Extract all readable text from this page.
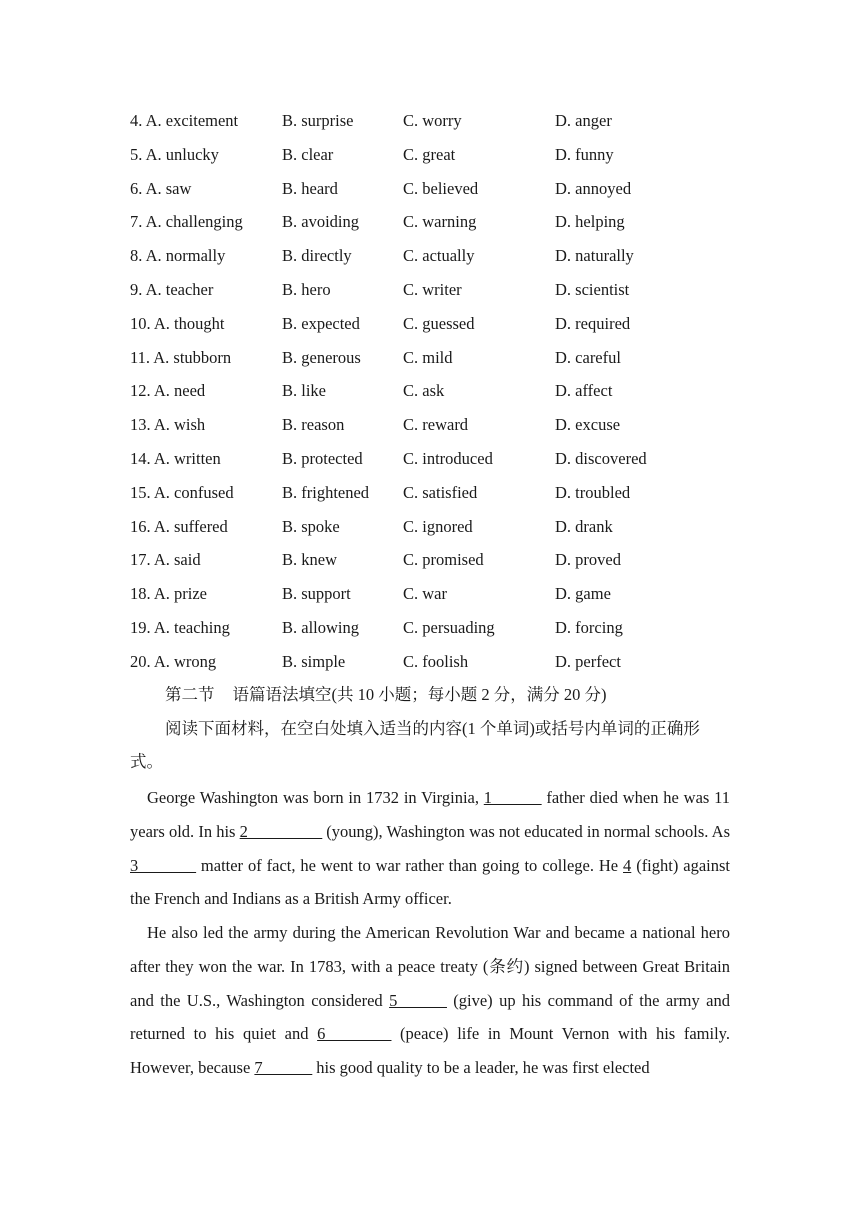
4. A. excitement	B. surprise	C. worry	D. anger
5. A. unlucky	B. clear	C. great	D. funny
6. A. saw	B. heard	C. believed	D. annoyed
7. A. challenging B. avoiding	C. warning	D. helping
8. A. normally	B. directly	C. actually	D. naturally
9. A. teacher	B. hero	C. writer	D. scientist
10. A. thought	B. expected	C. guessed	D. required
11. A. stubborn	B. generous	C. mild	D. careful
12. A. need	B. like	C. ask	D. affect
13. A. wish	B. reason	C. reward	D. excuse
14. A. written	B. protected C. introduced	D. discovered
15. A. confused	B. frightened C. satisfied	D. troubled
16. A. suffered	B. spoke	C. ignored	D. drank
17. A. said	B. knew	C. promised	D. proved
18. A. prize	B. support	C. war	D. game
19. A. teaching	B. allowing	C. persuading	D. forcing
20. A. wrong	B. simple	C. foolish	D. perfect
第二节 语篇语法填空(共 10 小题；每小题 2 分，满分 20 分)
阅读下面材料，在空白处填入适当的内容(1 个单词)或括号内单词的正确形式。
George Washington was born in 1732 in Virginia, 1______ father died when he was 11 years old. In his 2_________ (young), Washington was not educated in normal schools. As 3_______ matter of fact, he went to war rather than going to college. He 4 (fight) against the French and Indians as a British Army officer.
He also led the army during the American Revolution War and became a national hero after they won the war. In 1783, with a peace treaty (条约) signed between Great Britain and the U.S., Washington considered 5______ (give) up his command of the army and returned to his quiet and 6________ (peace) life in Mount Vernon with his family. However, because 7______ his good quality to be a leader, he was first elected
